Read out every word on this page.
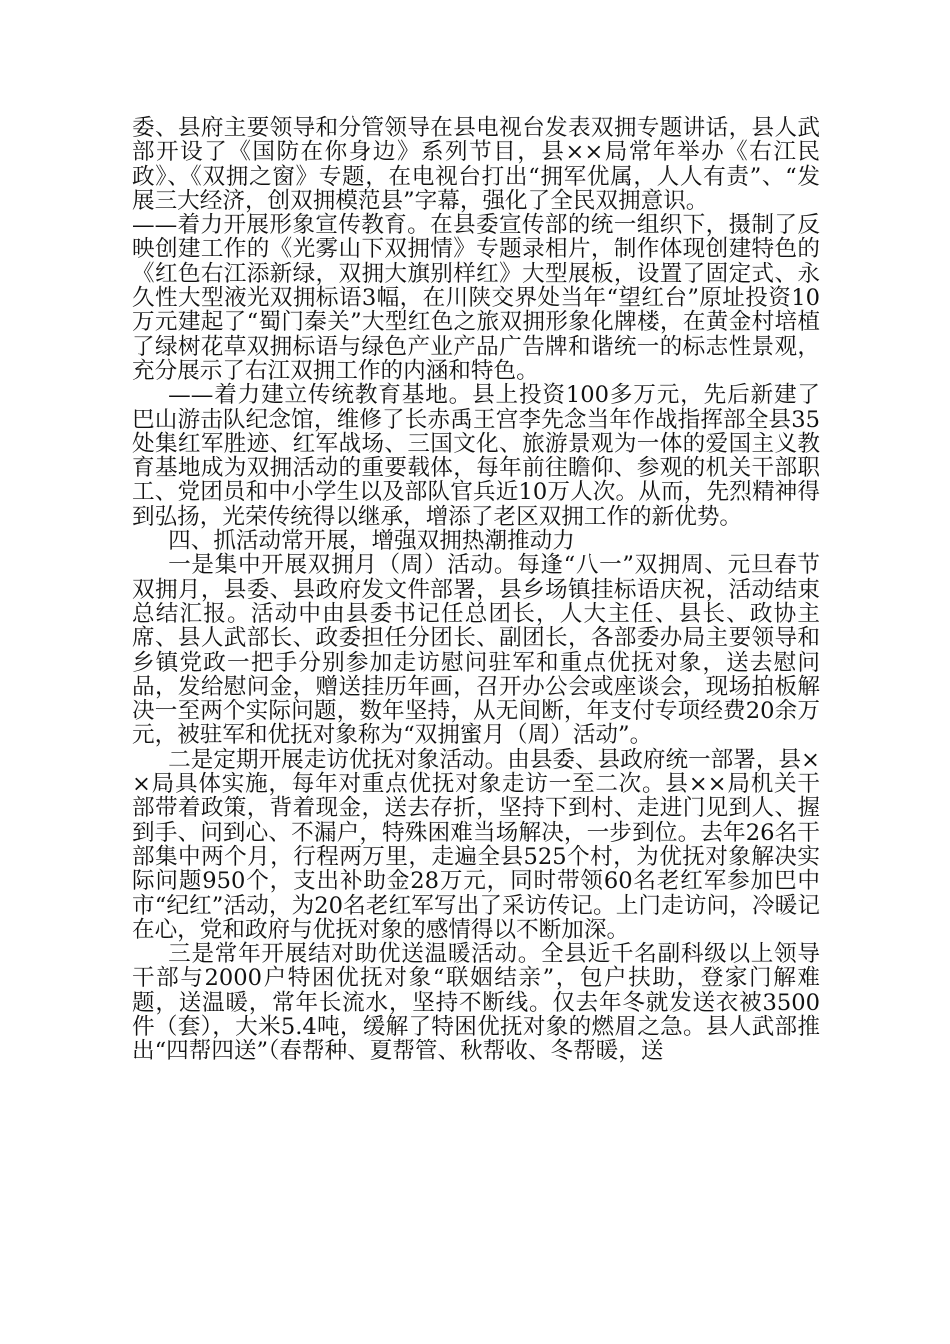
委、县府主要领导和分管领导在县电视台发表双拥专题讲话，县人武部开设了《国防在你身边》系列节目，县××局常年举办《右江民政》、《双拥之窗》专题，在电视台打出“拥军优属，人人有责”、“发展三大经济，创双拥模范县”字幕，强化了全民双拥意识。

——着力开展形象宣传教育。在县委宣传部的统一组织下，摄制了反映创建工作的《光雾山下双拥情》专题录相片，制作体现创建特色的《红色右江添新绿，双拥大旗别样红》大型展板，设置了固定式、永久性大型液光双拥标语3幅，在川陕交界处当年“望红台”原址投资10万元建起了“蜀门秦关”大型红色之旅双拥形象化牌楼，在黄金村培植了绿树花草双拥标语与绿色产业产品广告牌和谐统一的标志性景观，充分展示了右江双拥工作的内涵和特色。

——着力建立传统教育基地。县上投资100多万元，先后新建了巴山游击队纪念馆，维修了长赤禹王宫李先念当年作战指挥部全县35处集红军胜迹、红军战场、三国文化、旅游景观为一体的爱国主义教育基地成为双拥活动的重要载体，每年前往瞻仰、参观的机关干部职工、党团员和中小学生以及部队官兵近10万人次。从而，先烈精神得到弘扬，光荣传统得以继承，增添了老区双拥工作的新优势。

四、抓活动常开展，增强双拥热潮推动力

一是集中开展双拥月（周）活动。每逢“八一”双拥周、元旦春节双拥月，县委、县政府发文件部署，县乡场镇挂标语庆祝，活动结束总结汇报。活动中由县委书记任总团长，人大主任、县长、政协主席、县人武部长、政委担任分团长、副团长，各部委办局主要领导和乡镇党政一把手分别参加走访慰问驻军和重点优抚对象，送去慰问品，发给慰问金，赠送挂历年画，召开办公会或座谈会，现场拍板解决一至两个实际问题，数年坚持，从无间断，年支付专项经费20余万元，被驻军和优抚对象称为“双拥蜜月（周）活动”。

二是定期开展走访优抚对象活动。由县委、县政府统一部署，县××局具体实施，每年对重点优抚对象走访一至二次。县××局机关干部带着政策，背着现金，送去存折，坚持下到村、走进门见到人、握到手、问到心、不漏户，特殊困难当场解决，一步到位。去年26名干部集中两个月，行程两万里，走遍全县525个村，为优抚对象解决实际问题950个，支出补助金28万元，同时带领60名老红军参加巴中市“纪红”活动，为20名老红军写出了采访传记。上门走访问，冷暖记在心，党和政府与优抚对象的感情得以不断加深。

三是常年开展结对助优送温暖活动。全县近千名副科级以上领导干部与2000户特困优抚对象“联姻结亲”，包户扶助，登家门解难题，送温暖，常年长流水，坚持不断线。仅去年冬就发送衣被3500件（套），大米5.4吨，缓解了特困优抚对象的燃眉之急。县人武部推出“四帮四送”（春帮种、夏帮管、秋帮收、冬帮暖，送
